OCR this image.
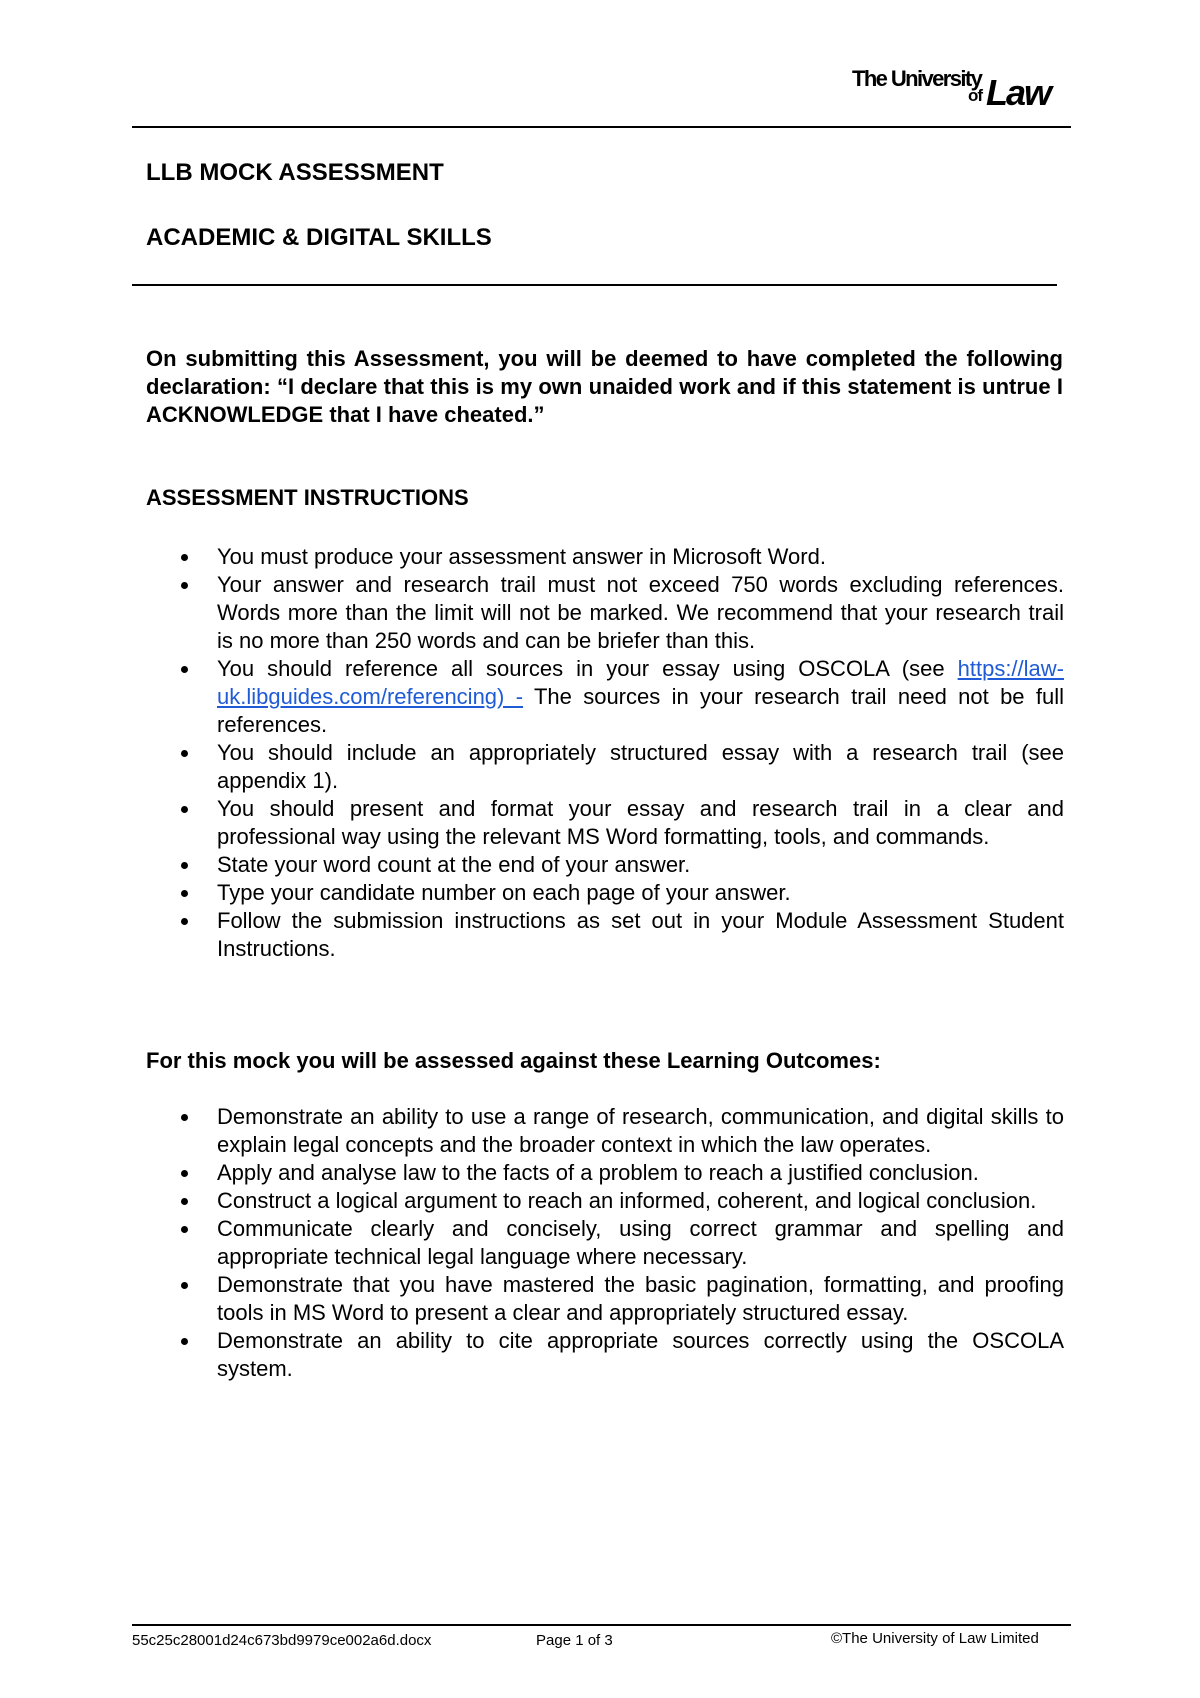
The University
of Law
LLB MOCK ASSESSMENT
ACADEMIC & DIGITAL SKILLS
On submitting this Assessment, you will be deemed to have completed the following declaration: “I declare that this is my own unaided work and if this statement is untrue I ACKNOWLEDGE that I have cheated.”
ASSESSMENT INSTRUCTIONS
You must produce your assessment answer in Microsoft Word.
Your answer and research trail must not exceed 750 words excluding references. Words more than the limit will not be marked. We recommend that your research trail is no more than 250 words and can be briefer than this.
You should reference all sources in your essay using OSCOLA (see https://law-uk.libguides.com/referencing) - The sources in your research trail need not be full references.
You should include an appropriately structured essay with a research trail (see appendix 1).
You should present and format your essay and research trail in a clear and professional way using the relevant MS Word formatting, tools, and commands.
State your word count at the end of your answer.
Type your candidate number on each page of your answer.
Follow the submission instructions as set out in your Module Assessment Student Instructions.
For this mock you will be assessed against these Learning Outcomes:
Demonstrate an ability to use a range of research, communication, and digital skills to explain legal concepts and the broader context in which the law operates.
Apply and analyse law to the facts of a problem to reach a justified conclusion.
Construct a logical argument to reach an informed, coherent, and logical conclusion.
Communicate clearly and concisely, using correct grammar and spelling and appropriate technical legal language where necessary.
Demonstrate that you have mastered the basic pagination, formatting, and proofing tools in MS Word to present a clear and appropriately structured essay.
Demonstrate an ability to cite appropriate sources correctly using the OSCOLA system.
55c25c28001d24c673bd9979ce002a6d.docx	Page 1 of 3	©The University of Law Limited
